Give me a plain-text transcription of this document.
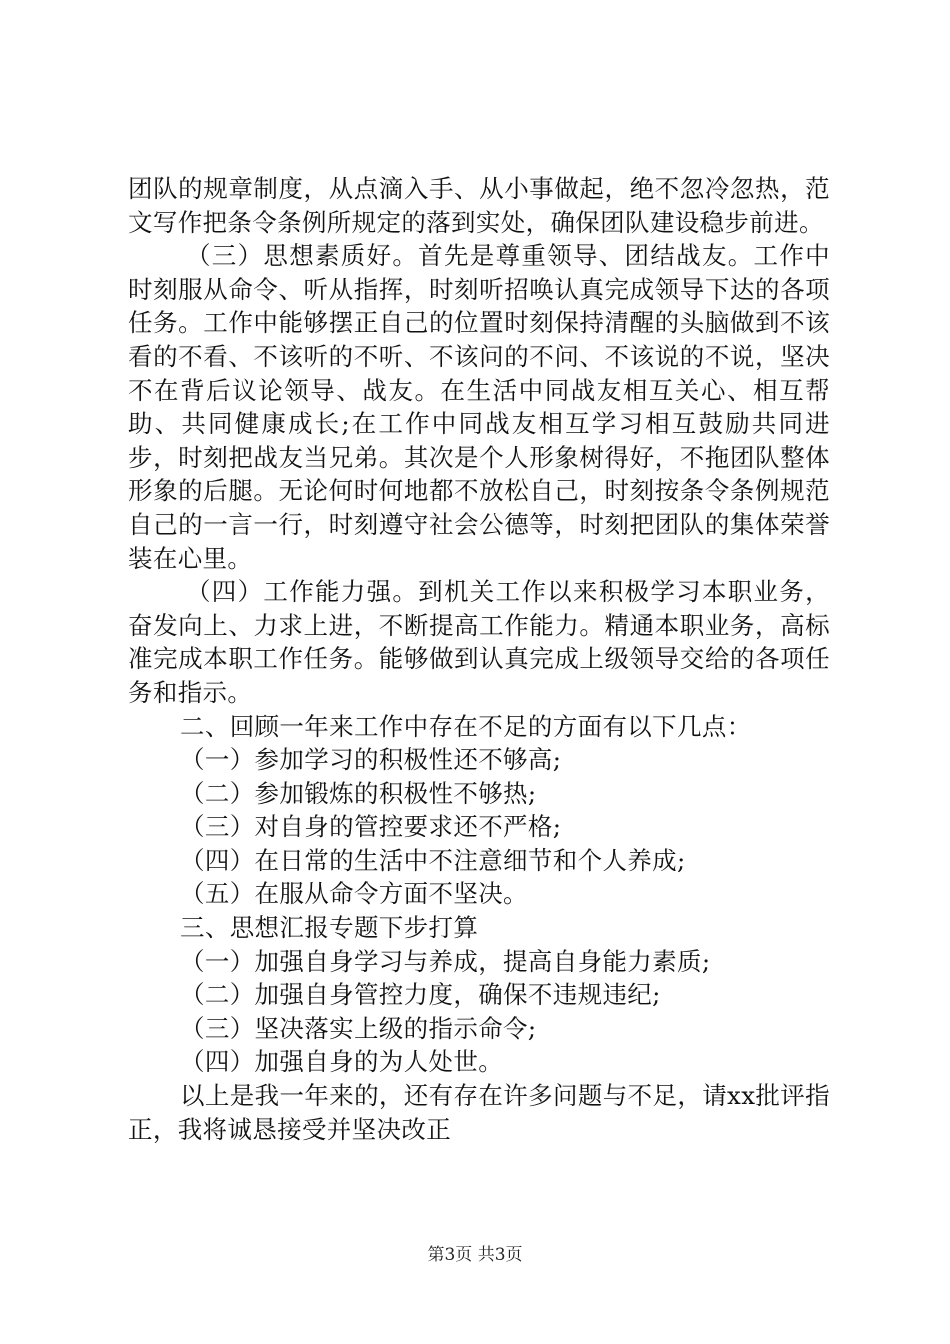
团队的规章制度，从点滴入手、从小事做起，绝不忽冷忽热，范文写作把条令条例所规定的落到实处，确保团队建设稳步前进。

（三）思想素质好。首先是尊重领导、团结战友。工作中时刻服从命令、听从指挥，时刻听招唤认真完成领导下达的各项任务。工作中能够摆正自己的位置时刻保持清醒的头脑做到不该看的不看、不该听的不听、不该问的不问、不该说的不说，坚决不在背后议论领导、战友。在生活中同战友相互关心、相互帮助、共同健康成长;在工作中同战友相互学习相互鼓励共同进步，时刻把战友当兄弟。其次是个人形象树得好，不拖团队整体形象的后腿。无论何时何地都不放松自己，时刻按条令条例规范自己的一言一行，时刻遵守社会公德等，时刻把团队的集体荣誉装在心里。

（四）工作能力强。到机关工作以来积极学习本职业务，奋发向上、力求上进，不断提高工作能力。精通本职业务，高标准完成本职工作任务。能够做到认真完成上级领导交给的各项任务和指示。

二、回顾一年来工作中存在不足的方面有以下几点：

（一）参加学习的积极性还不够高;

（二）参加锻炼的积极性不够热;

（三）对自身的管控要求还不严格;

（四）在日常的生活中不注意细节和个人养成;

（五）在服从命令方面不坚决。

三、思想汇报专题下步打算

（一）加强自身学习与养成，提高自身能力素质;

（二）加强自身管控力度，确保不违规违纪;

（三）坚决落实上级的指示命令;

（四）加强自身的为人处世。

以上是我一年来的，还有存在许多问题与不足，请xx批评指正，我将诚恳接受并坚决改正

第3页 共3页
